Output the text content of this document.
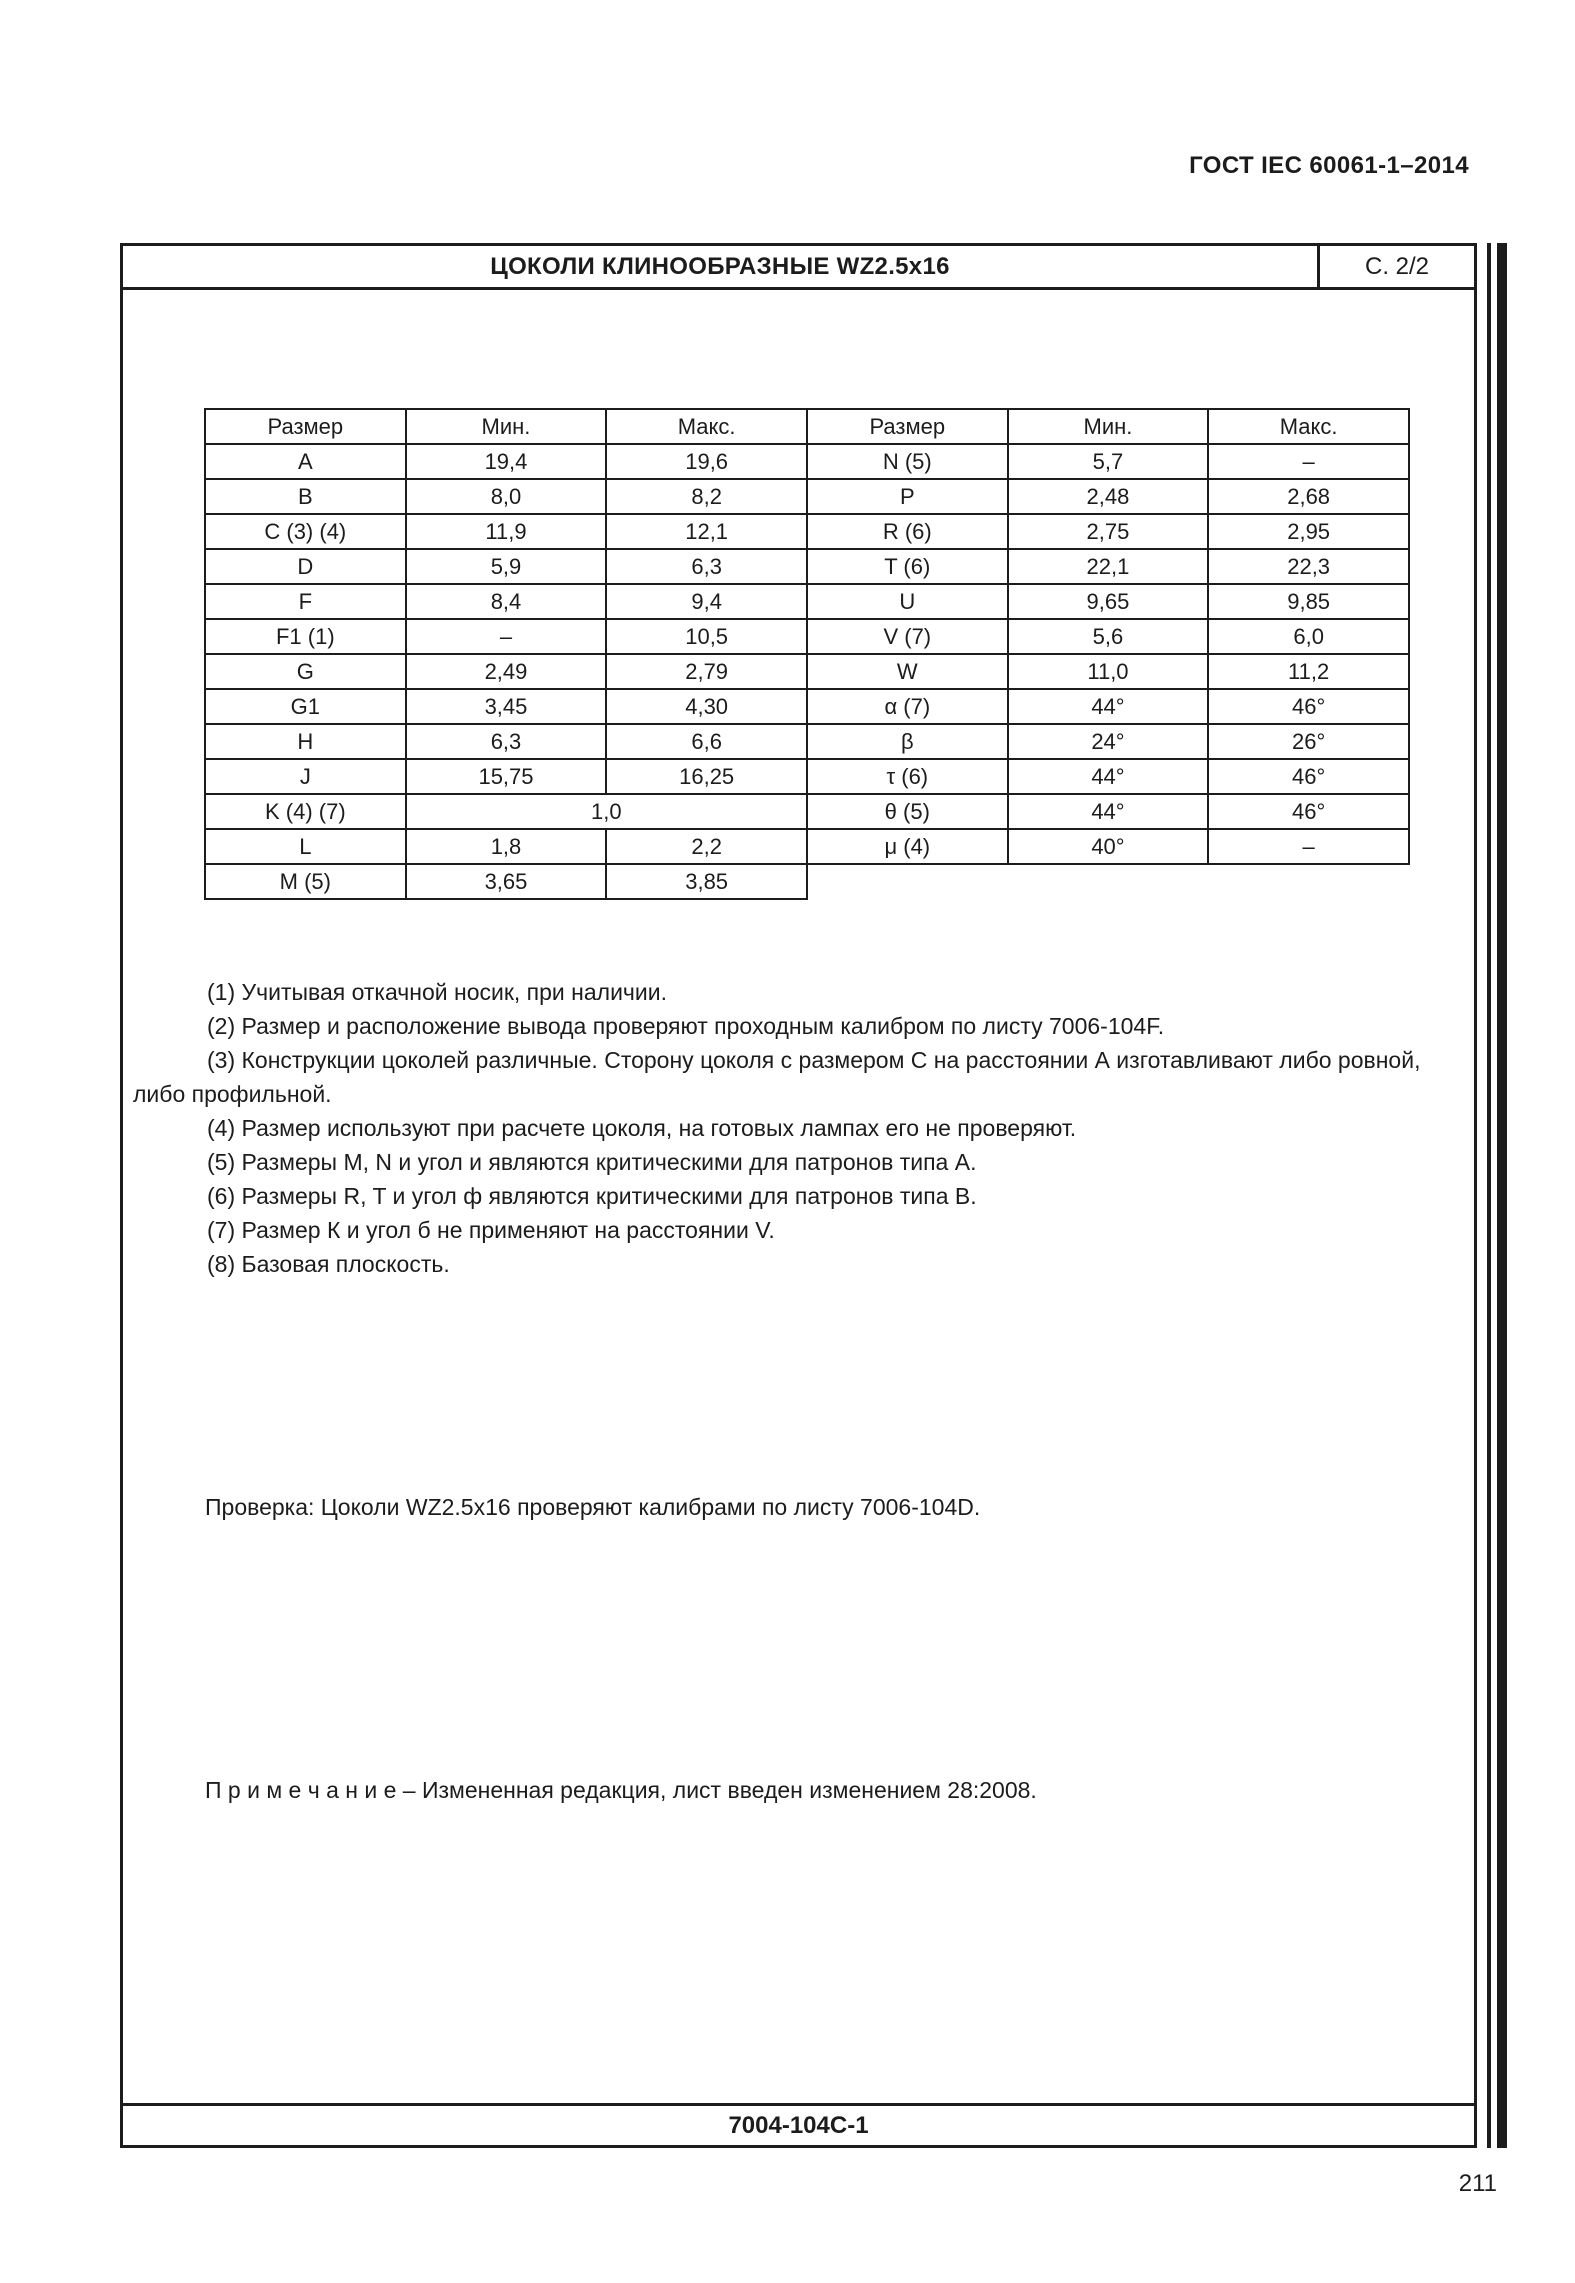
ГОСТ IEC 60061-1–2014
ЦОКОЛИ КЛИНООБРАЗНЫЕ WZ2.5x16	С. 2/2
Размер	Мин.	Макс.	Размер	Мин.	Макс.
A	19,4	19,6	N (5)	5,7	–
B	8,0	8,2	P	2,48	2,68
C (3) (4)	11,9	12,1	R (6)	2,75	2,95
D	5,9	6,3	T (6)	22,1	22,3
F	8,4	9,4	U	9,65	9,85
F1 (1)	–	10,5	V (7)	5,6	6,0
G	2,49	2,79	W	11,0	11,2
G1	3,45	4,30	α (7)	44°	46°
H	6,3	6,6	β	24°	26°
J	15,75	16,25	τ (6)	44°	46°
K (4) (7)	1,0		θ (5)	44°	46°
L	1,8	2,2	μ (4)	40°	–
M (5)	3,65	3,85			

(1) Учитывая откачной носик, при наличии.

(2) Размер и расположение вывода проверяют проходным калибром по листу 7006-104F.

(3) Конструкции цоколей различные. Сторону цоколя с размером С на расстоянии А изготавливают либо ровной, либо профильной.

(4) Размер используют при расчете цоколя, на готовых лампах его не проверяют.

(5) Размеры M, N и угол и являются критическими для патронов типа А.

(6) Размеры R, T и угол ф являются критическими для патронов типа В.

(7) Размер К и угол б не применяют на расстоянии V.

(8) Базовая плоскость.

Проверка: Цоколи WZ2.5x16 проверяют калибрами по листу 7006-104D.

П р и м е ч а н и е – Измененная редакция, лист введен изменением 28:2008.

7004-104C-1
211
